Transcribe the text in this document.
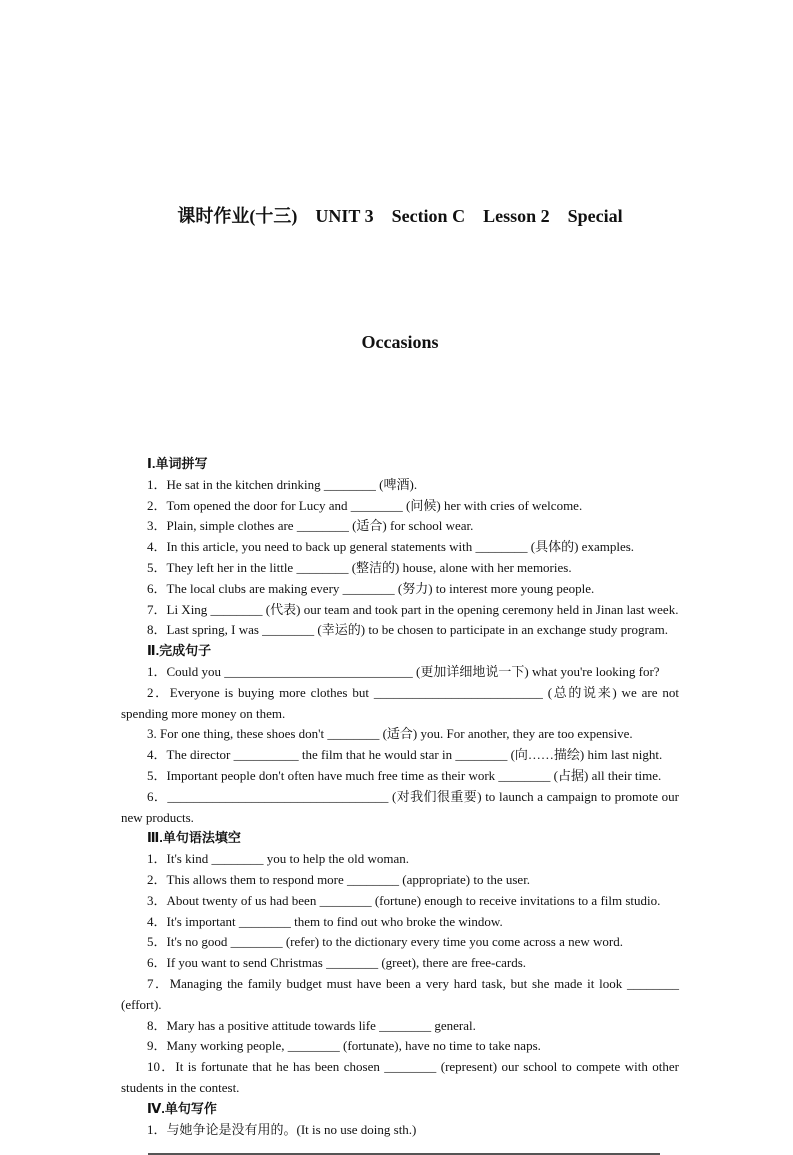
课时作业(十三)　UNIT 3　Section C　Lesson 2　Special

Occasions

Ⅰ.单词拼写

1．He sat in the kitchen drinking ________ (啤酒).

2．Tom opened the door for Lucy and ________ (问候) her with cries of welcome.

3．Plain, simple clothes are ________ (适合) for school wear.

4．In this article, you need to back up general statements with ________ (具体的) examples.

5．They left her in the little ________ (整洁的) house, alone with her memories.

6．The local clubs are making every ________ (努力) to interest more young people.

7．Li Xing ________ (代表) our team and took part in the opening ceremony held in Jinan last week.

8．Last spring, I was ________ (幸运的) to be chosen to participate in an exchange study program.

Ⅱ.完成句子

1．Could you _____________________________ (更加详细地说一下) what you're looking for?

2．Everyone is buying more clothes but __________________________ (总的说来) we are not spending more money on them.

3. For one thing, these shoes don't ________ (适合) you. For another, they are too expensive.

4．The director __________ the film that he would star in ________ (向……描绘) him last night.

5．Important people don't often have much free time as their work ________ (占据) all their time.

6．__________________________________ (对我们很重要) to launch a campaign to promote our new products.

Ⅲ.单句语法填空

1．It's kind ________ you to help the old woman.

2．This allows them to respond more ________ (appropriate) to the user.

3．About twenty of us had been ________ (fortune) enough to receive invitations to a film studio.

4．It's important ________ them to find out who broke the window.

5．It's no good ________ (refer) to the dictionary every time you come across a new word.

6．If you want to send Christmas ________ (greet), there are free-cards.

7．Managing the family budget must have been a very hard task, but she made it look ________ (effort).

8．Mary has a positive attitude towards life ________ general.

9．Many working people, ________ (fortunate), have no time to take naps.

10．It is fortunate that he has been chosen ________ (represent) our school to compete with other students in the contest.

Ⅳ.单句写作

1．与她争论是没有用的。(It is no use doing sth.)
